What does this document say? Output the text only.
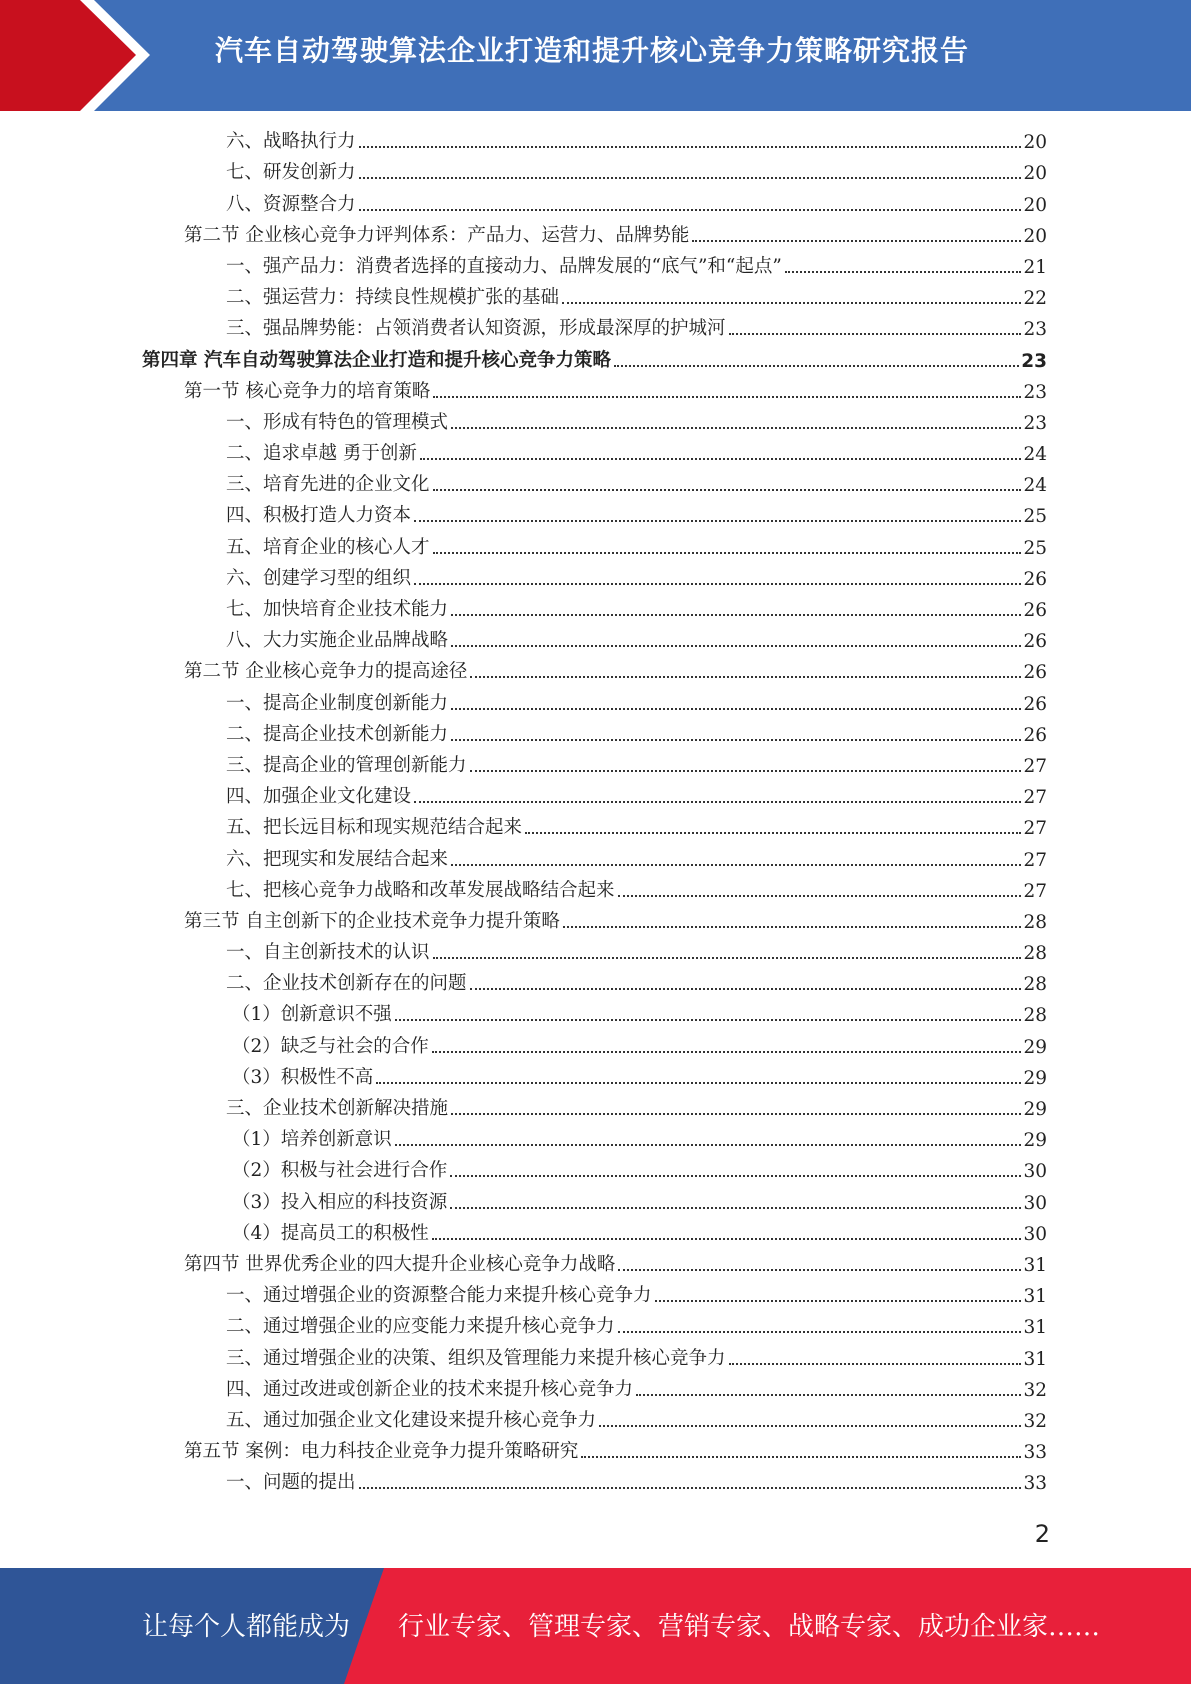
汽车自动驾驶算法企业打造和提升核心竞争力策略研究报告
六、战略执行力	20
七、研发创新力	20
八、资源整合力	20
第二节 企业核心竞争力评判体系：产品力、运营力、品牌势能	20
一、强产品力：消费者选择的直接动力、品牌发展的“底气”和“起点”	21
二、强运营力：持续良性规模扩张的基础	22
三、强品牌势能：占领消费者认知资源，形成最深厚的护城河	23
第四章 汽车自动驾驶算法企业打造和提升核心竞争力策略	23
第一节 核心竞争力的培育策略	23
一、形成有特色的管理模式	23
二、追求卓越 勇于创新	24
三、培育先进的企业文化	24
四、积极打造人力资本	25
五、培育企业的核心人才	25
六、创建学习型的组织	26
七、加快培育企业技术能力	26
八、大力实施企业品牌战略	26
第二节 企业核心竞争力的提高途径	26
一、提高企业制度创新能力	26
二、提高企业技术创新能力	26
三、提高企业的管理创新能力	27
四、加强企业文化建设	27
五、把长远目标和现实规范结合起来	27
六、把现实和发展结合起来	27
七、把核心竞争力战略和改革发展战略结合起来	27
第三节 自主创新下的企业技术竞争力提升策略	28
一、自主创新技术的认识	28
二、企业技术创新存在的问题	28
（1）创新意识不强	28
（2）缺乏与社会的合作	29
（3）积极性不高	29
三、企业技术创新解决措施	29
（1）培养创新意识	29
（2）积极与社会进行合作	30
（3）投入相应的科技资源	30
（4）提高员工的积极性	30
第四节 世界优秀企业的四大提升企业核心竞争力战略	31
一、通过增强企业的资源整合能力来提升核心竞争力	31
二、通过增强企业的应变能力来提升核心竞争力	31
三、通过增强企业的决策、组织及管理能力来提升核心竞争力	31
四、通过改进或创新企业的技术来提升核心竞争力	32
五、通过加强企业文化建设来提升核心竞争力	32
第五节 案例：电力科技企业竞争力提升策略研究	33
一、问题的提出	33
2
让每个人都能成为 行业专家、管理专家、营销专家、战略专家、成功企业家……
